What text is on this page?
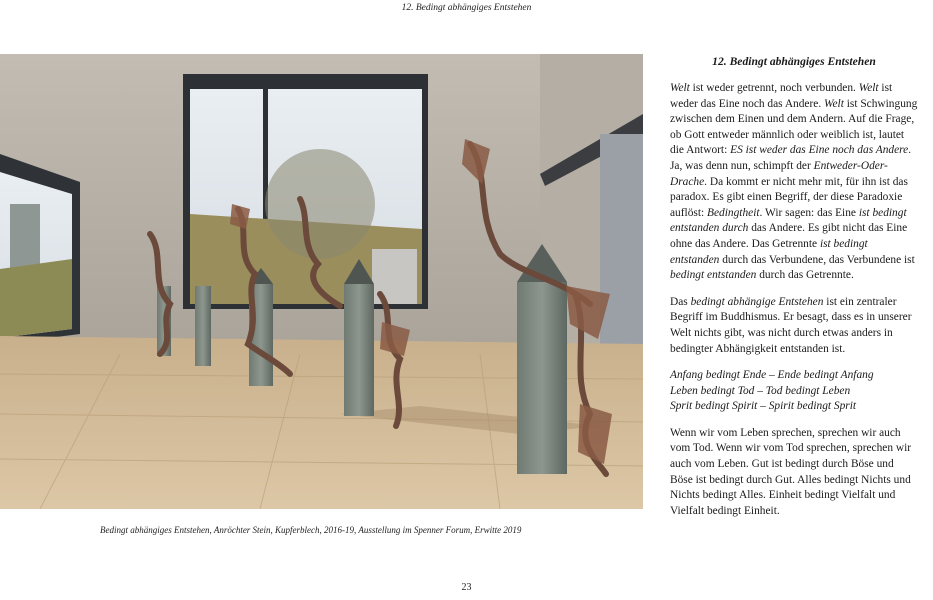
12. Bedingt abhängiges Entstehen
Bedingt abhängiges Entstehen, Anröchter Stein, Kupferblech, 2016-19, Ausstellung im Spenner Forum, Erwitte 2019
12. Bedingt abhängiges Entstehen
Welt ist weder getrennt, noch verbunden. Welt ist weder das Eine noch das Andere. Welt ist Schwingung zwischen dem Einen und dem Andern. Auf die Frage, ob Gott entweder männlich oder weiblich ist, lautet die Antwort: ES ist weder das Eine noch das Andere. Ja, was denn nun, schimpft der Entweder-Oder-Drache. Da kommt er nicht mehr mit, für ihn ist das paradox. Es gibt einen Begriff, der diese Paradoxie auflöst: Bedingtheit. Wir sagen: das Eine ist bedingt entstanden durch das Andere. Es gibt nicht das Eine ohne das Andere. Das Getrennte ist bedingt entstanden durch das Verbundene, das Verbundene ist bedingt entstanden durch das Getrennte.
Das bedingt abhängige Entstehen ist ein zentraler Begriff im Buddhismus. Er besagt, dass es in unserer Welt nichts gibt, was nicht durch etwas anders in bedingter Abhängigkeit entstanden ist.
Anfang bedingt Ende – Ende bedingt Anfang
Leben bedingt Tod – Tod bedingt Leben
Sprit bedingt Spirit – Spirit bedingt Sprit
Wenn wir vom Leben sprechen, sprechen wir auch vom Tod. Wenn wir vom Tod sprechen, sprechen wir auch vom Leben. Gut ist bedingt durch Böse und Böse ist bedingt durch Gut. Alles bedingt Nichts und Nichts bedingt Alles. Einheit bedingt Vielfalt und Vielfalt bedingt Einheit.
23
